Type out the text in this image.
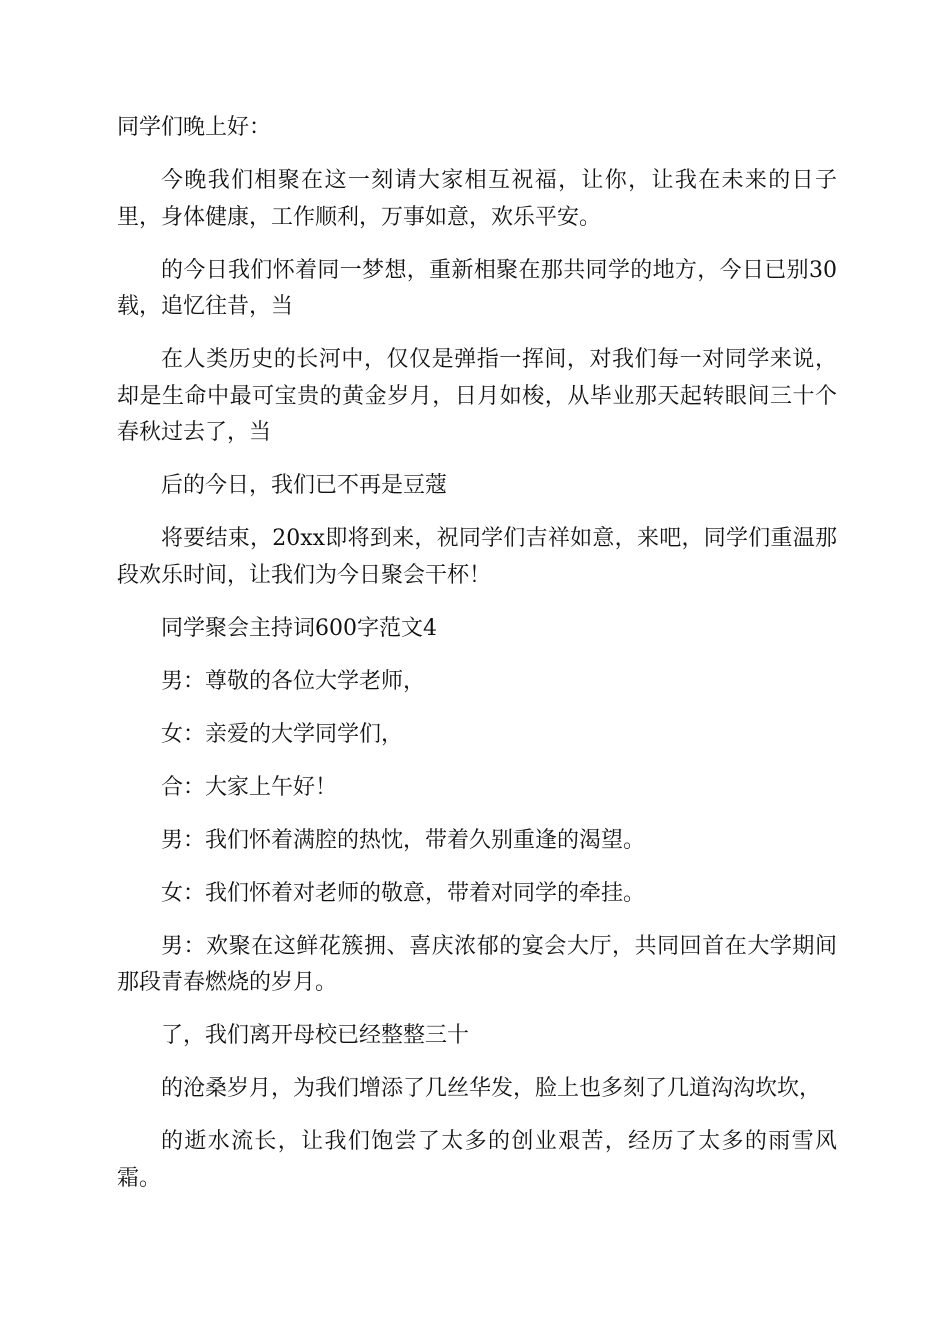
同学们晚上好：

今晚我们相聚在这一刻请大家相互祝福，让你，让我在未来的日子里，身体健康，工作顺利，万事如意，欢乐平安。

的今日我们怀着同一梦想，重新相聚在那共同学的地方，今日已别30载，追忆往昔，当

在人类历史的长河中，仅仅是弹指一挥间，对我们每一对同学来说，却是生命中最可宝贵的黄金岁月，日月如梭，从毕业那天起转眼间三十个春秋过去了，当

后的今日，我们已不再是豆蔻

将要结束，20xx即将到来，祝同学们吉祥如意，来吧，同学们重温那段欢乐时间，让我们为今日聚会干杯！

同学聚会主持词600字范文4

男：尊敬的各位大学老师，

女：亲爱的大学同学们，

合：大家上午好！

男：我们怀着满腔的热忱，带着久别重逢的渴望。

女：我们怀着对老师的敬意，带着对同学的牵挂。

男：欢聚在这鲜花簇拥、喜庆浓郁的宴会大厅，共同回首在大学期间那段青春燃烧的岁月。

了，我们离开母校已经整整三十

的沧桑岁月，为我们增添了几丝华发，脸上也多刻了几道沟沟坎坎，

的逝水流长，让我们饱尝了太多的创业艰苦，经历了太多的雨雪风霜。
